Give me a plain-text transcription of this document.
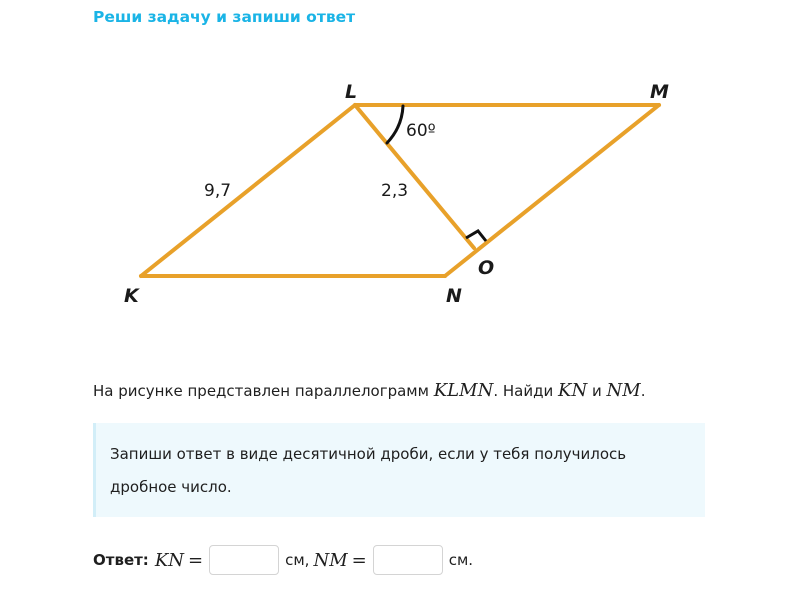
Реши задачу и запиши ответ
L	M
K	N
O
9,7	2,3
60º
На рисунке представлен параллелограмм KLMN. Найди KN и NM.
Запиши ответ в виде десятичной дроби, если у тебя получилось дробное число.
Ответ: KN =	см, NM =	см.
